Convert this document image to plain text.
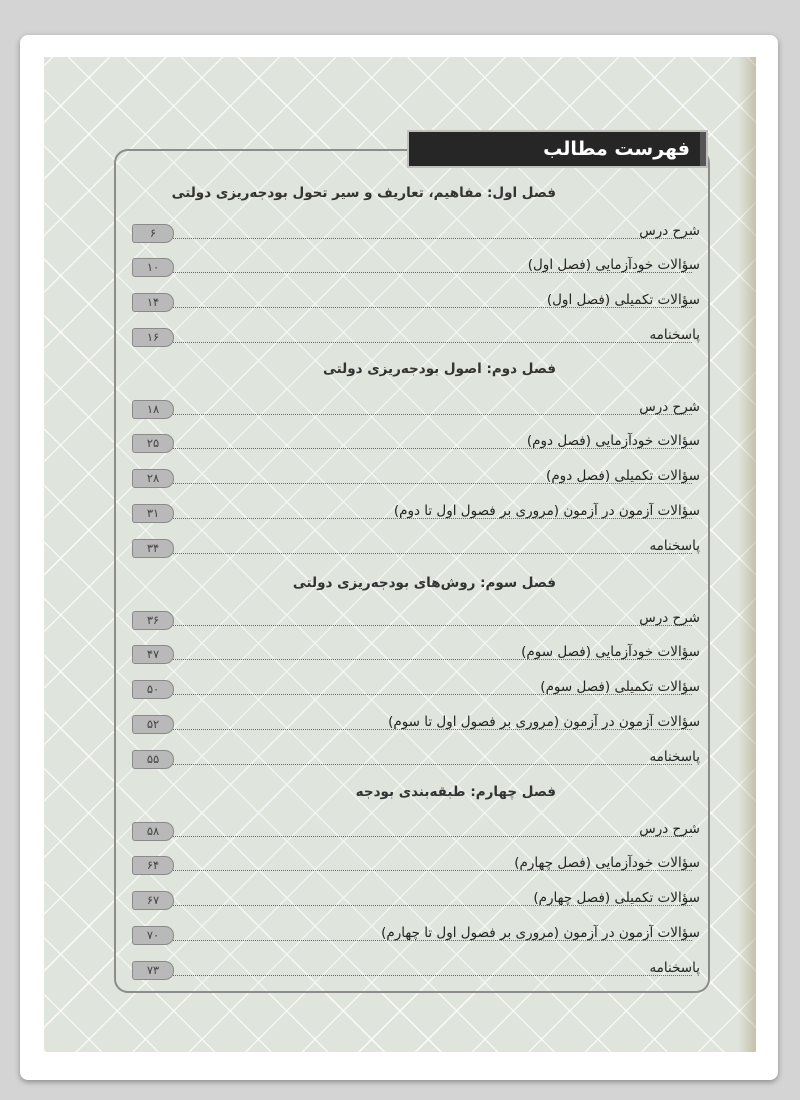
فهرست مطالب
فصل اول: مفاهیم، تعاریف و سیر تحول بودجه‌ریزی دولتی
شرح درس
۶
سؤالات خودآزمایی (فصل اول)
۱۰
سؤالات تکمیلی (فصل اول)
۱۴
پاسخنامه
۱۶
فصل دوم: اصول بودجه‌ریزی دولتی
شرح درس
۱۸
سؤالات خودآزمایی (فصل دوم)
۲۵
سؤالات تکمیلی (فصل دوم)
۲۸
سؤالات آزمون در آزمون (مروری بر فصول اول تا دوم)
۳۱
پاسخنامه
۳۴
فصل سوم: روش‌های بودجه‌ریزی دولتی
شرح درس
۳۶
سؤالات خودآزمایی (فصل سوم)
۴۷
سؤالات تکمیلی (فصل سوم)
۵۰
سؤالات آزمون در آزمون (مروری بر فصول اول تا سوم)
۵۲
پاسخنامه
۵۵
فصل چهارم: طبقه‌بندی بودجه
شرح درس
۵۸
سؤالات خودآزمایی (فصل چهارم)
۶۴
سؤالات تکمیلی (فصل چهارم)
۶۷
سؤالات آزمون در آزمون (مروری بر فصول اول تا چهارم)
۷۰
پاسخنامه
۷۳
